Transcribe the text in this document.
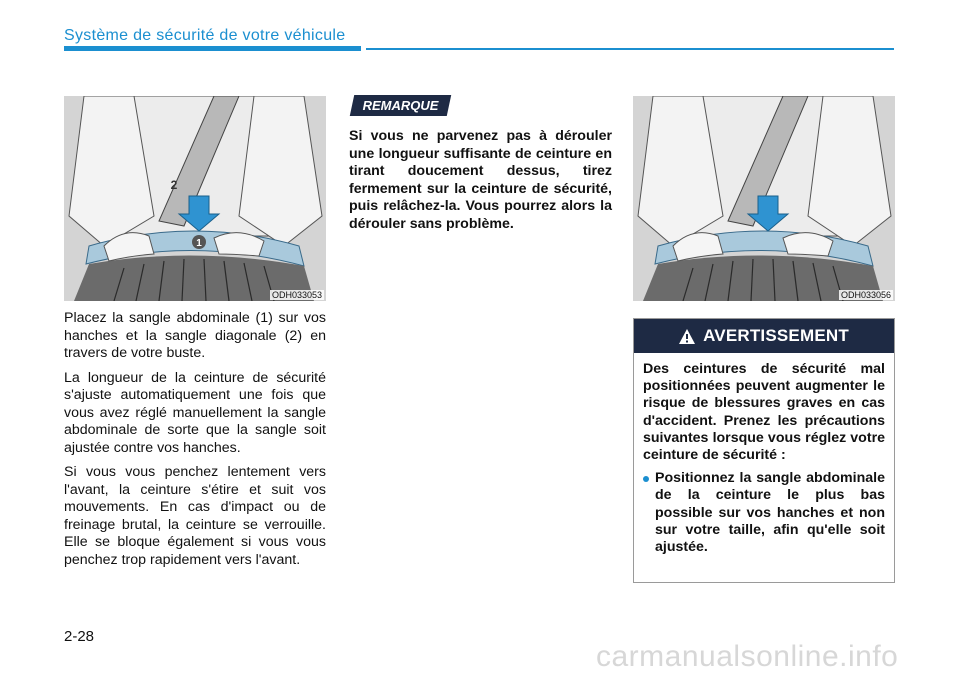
Système de sécurité de votre véhicule
1
2
ODH033053

Placez la sangle abdominale (1) sur vos hanches et la sangle diagonale (2) en travers de votre buste.

La longueur de la ceinture de sécurité s'ajuste automatiquement une fois que vous avez réglé manuellement la sangle abdominale de sorte que la sangle soit ajustée contre vos hanches.

Si vous vous penchez lentement vers l'avant, la ceinture s'étire et suit vos mouvements. En cas d'impact ou de freinage brutal, la ceinture se verrouille. Elle se bloque également si vous vous penchez trop rapidement vers l'avant.

REMARQUE
Si vous ne parvenez pas à dérouler une longueur suffisante de ceinture en tirant doucement dessus, tirez fermement sur la ceinture de sécurité, puis relâchez-la. Vous pourrez alors la dérouler sans problème.
ODH033056
AVERTISSEMENT

Des ceintures de sécurité mal positionnées peuvent augmenter le risque de blessures graves en cas d'accident. Prenez les précautions suivantes lorsque vous réglez votre ceinture de sécurité :

Positionnez la sangle abdominale de la ceinture le plus bas possible sur vos hanches et non sur votre taille, afin qu'elle soit ajustée.
2-28
carmanualsonline.info
